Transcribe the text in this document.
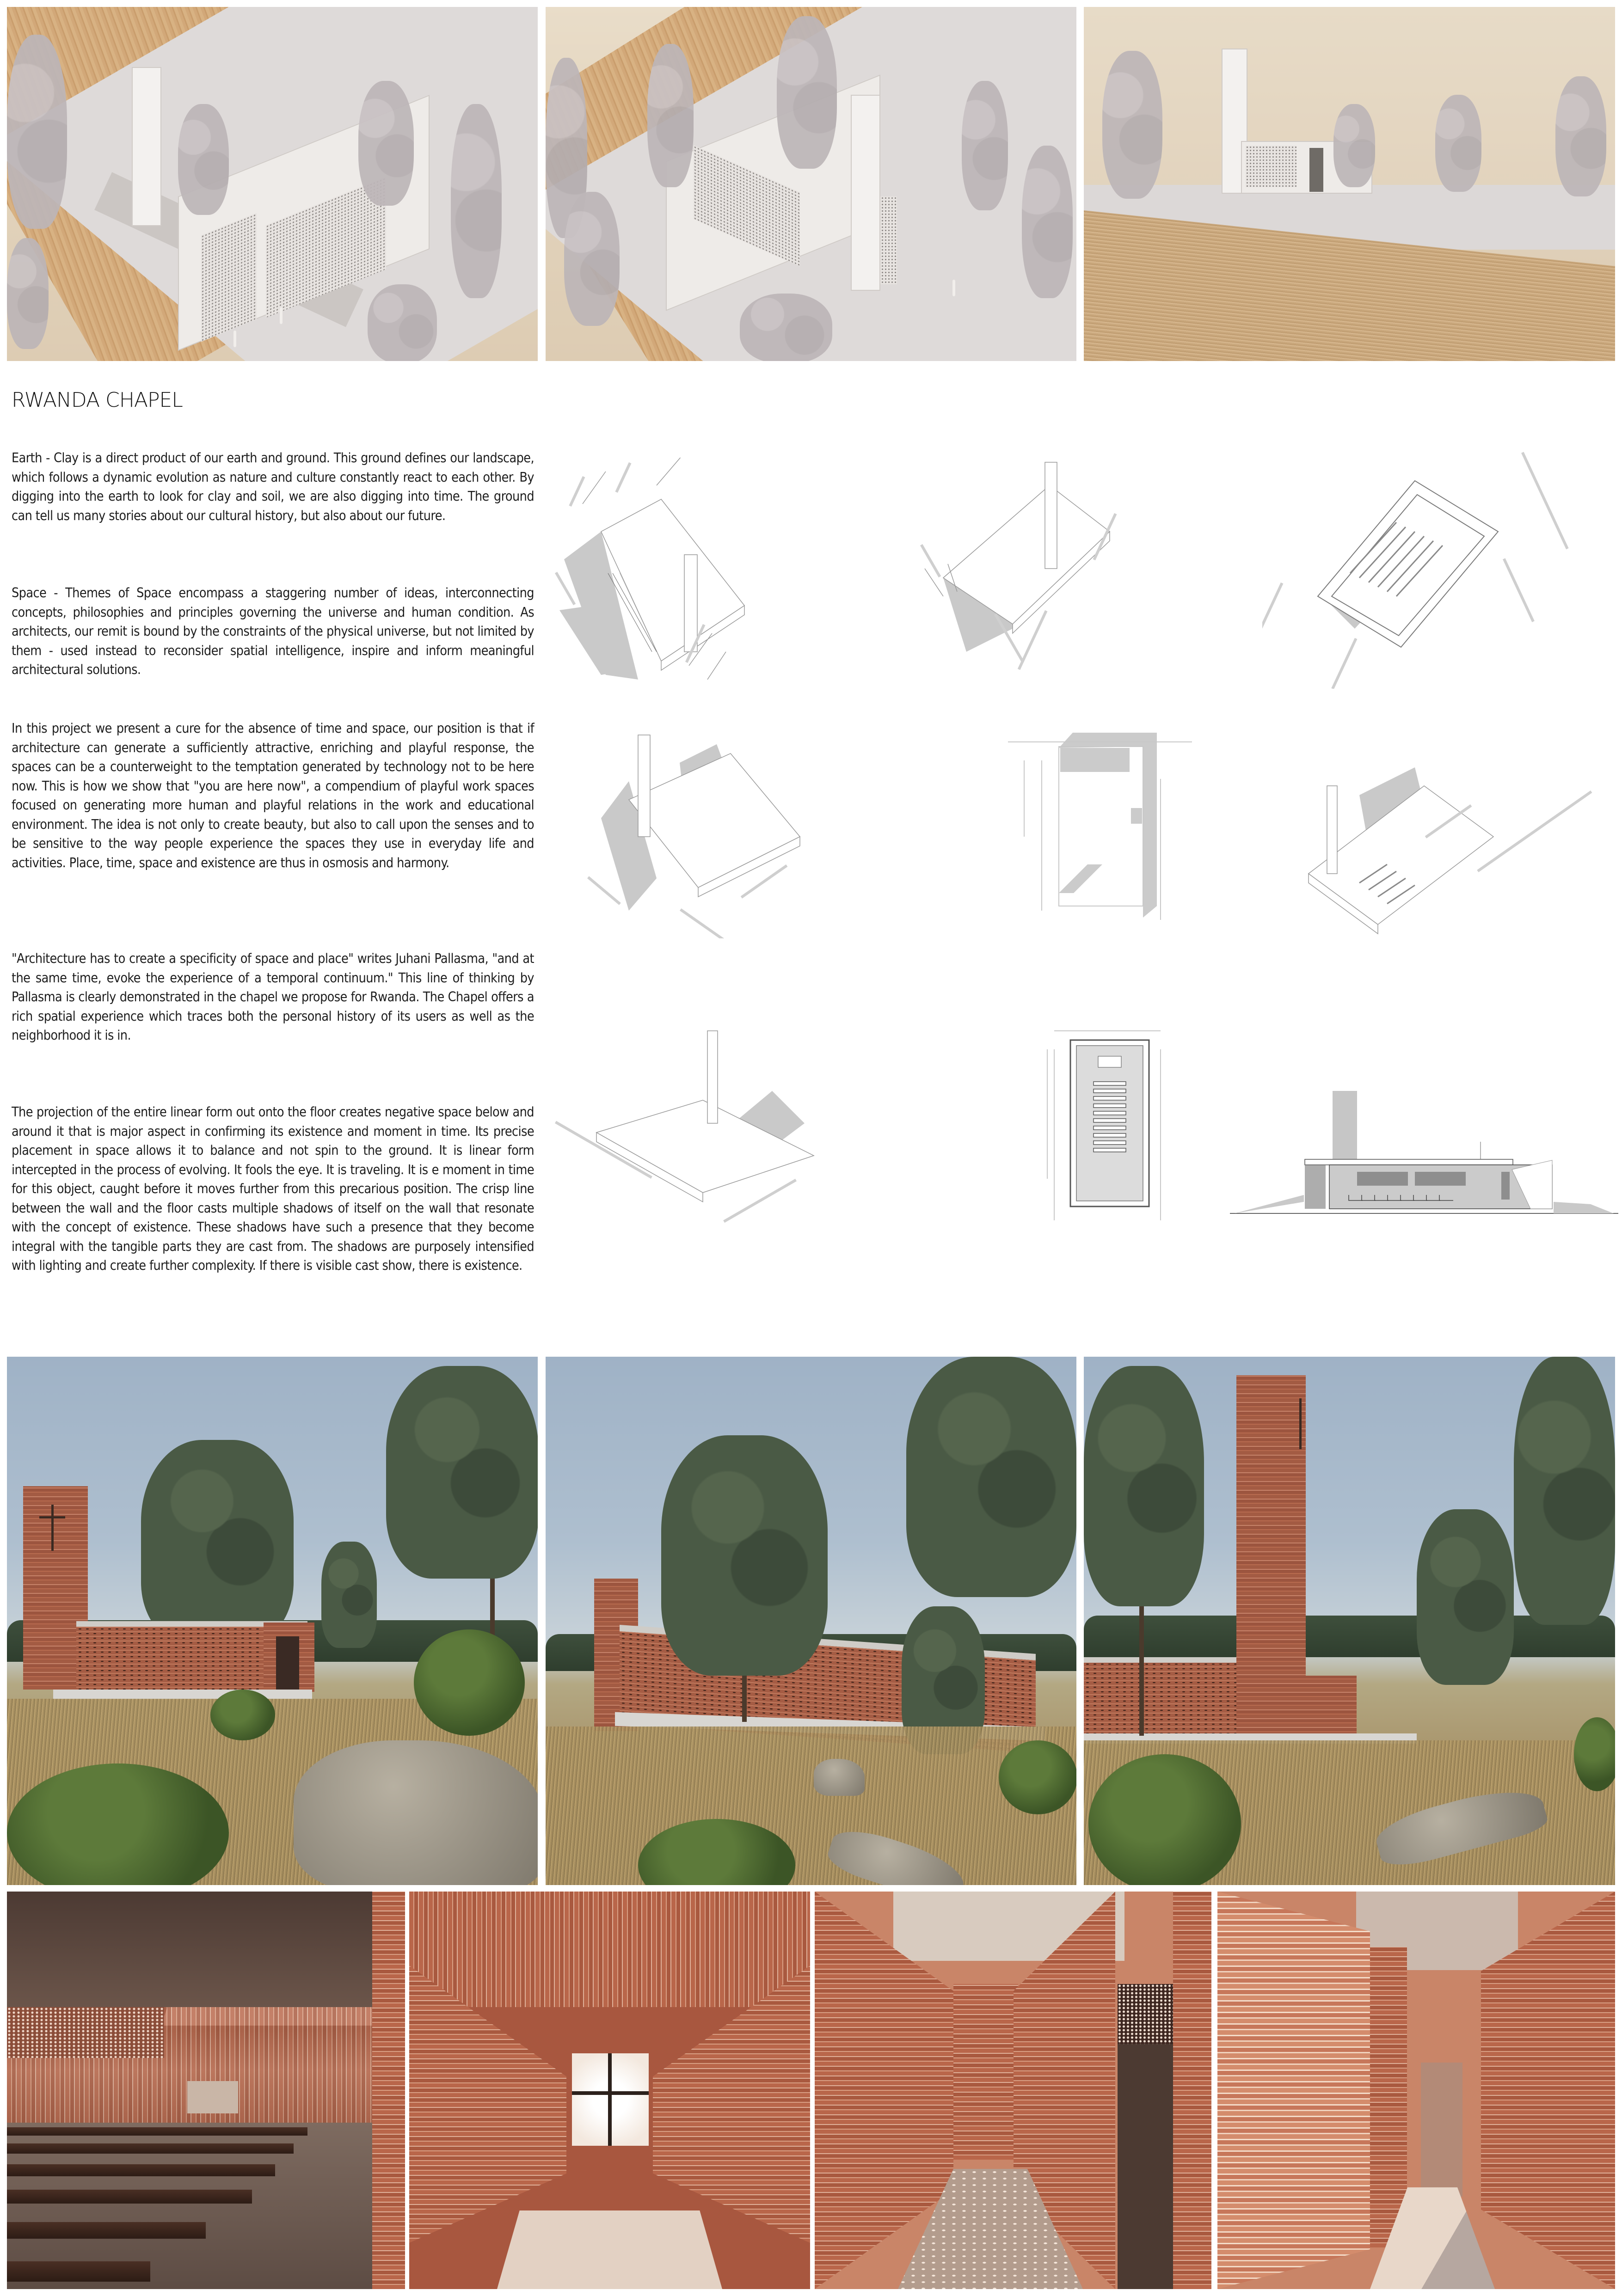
RWANDA CHAPEL
Earth - Clay is a direct product of our earth and ground. This ground defines our landscape, which follows a dynamic evolution as nature and culture constantly react to each other. By digging into the earth to look for clay and soil, we are also digging into time. The ground can tell us many stories about our cultural history, but also about our future.
Space - Themes of Space encompass a staggering number of ideas, interconnecting concepts, philosophies and principles governing the universe and human condition. As architects, our remit is bound by the constraints of the physical universe, but not limited by them - used instead to reconsider spatial intelligence, inspire and inform meaningful architectural solutions.
In this project we present a cure for the absence of time and space, our position is that if architecture can generate a sufficiently attractive, enriching and playful response, the spaces can be a counterweight to the temptation generated by technology not to be here now. This is how we show that "you are here now", a compendium of playful work spaces focused on generating more human and playful relations in the work and educational environment. The idea is not only to create beauty, but also to call upon the senses and to be sensitive to the way people experience the spaces they use in everyday life and activities. Place, time, space and existence are thus in osmosis and harmony.
"Architecture has to create a specificity of space and place" writes Juhani Pallasma, "and at the same time, evoke the experience of a temporal continuum." This line of thinking by Pallasma is clearly demonstrated in the chapel we propose for Rwanda. The Chapel offers a rich spatial experience which traces both the personal history of its users as well as the neighborhood it is in.
The projection of the entire linear form out onto the floor creates negative space below and around it that is major aspect in confirming its existence and moment in time. Its precise placement in space allows it to balance and not spin to the ground. It is linear form intercepted in the process of evolving. It fools the eye. It is traveling. It is e moment in time for this object, caught before it moves further from this precarious position. The crisp line between the wall and the floor casts multiple shadows of itself on the wall that resonate with the concept of existence. These shadows have such a presence that they become integral with the tangible parts they are cast from. The shadows are purposely intensified with lighting and create further complexity. If there is visible cast show, there is existence.
